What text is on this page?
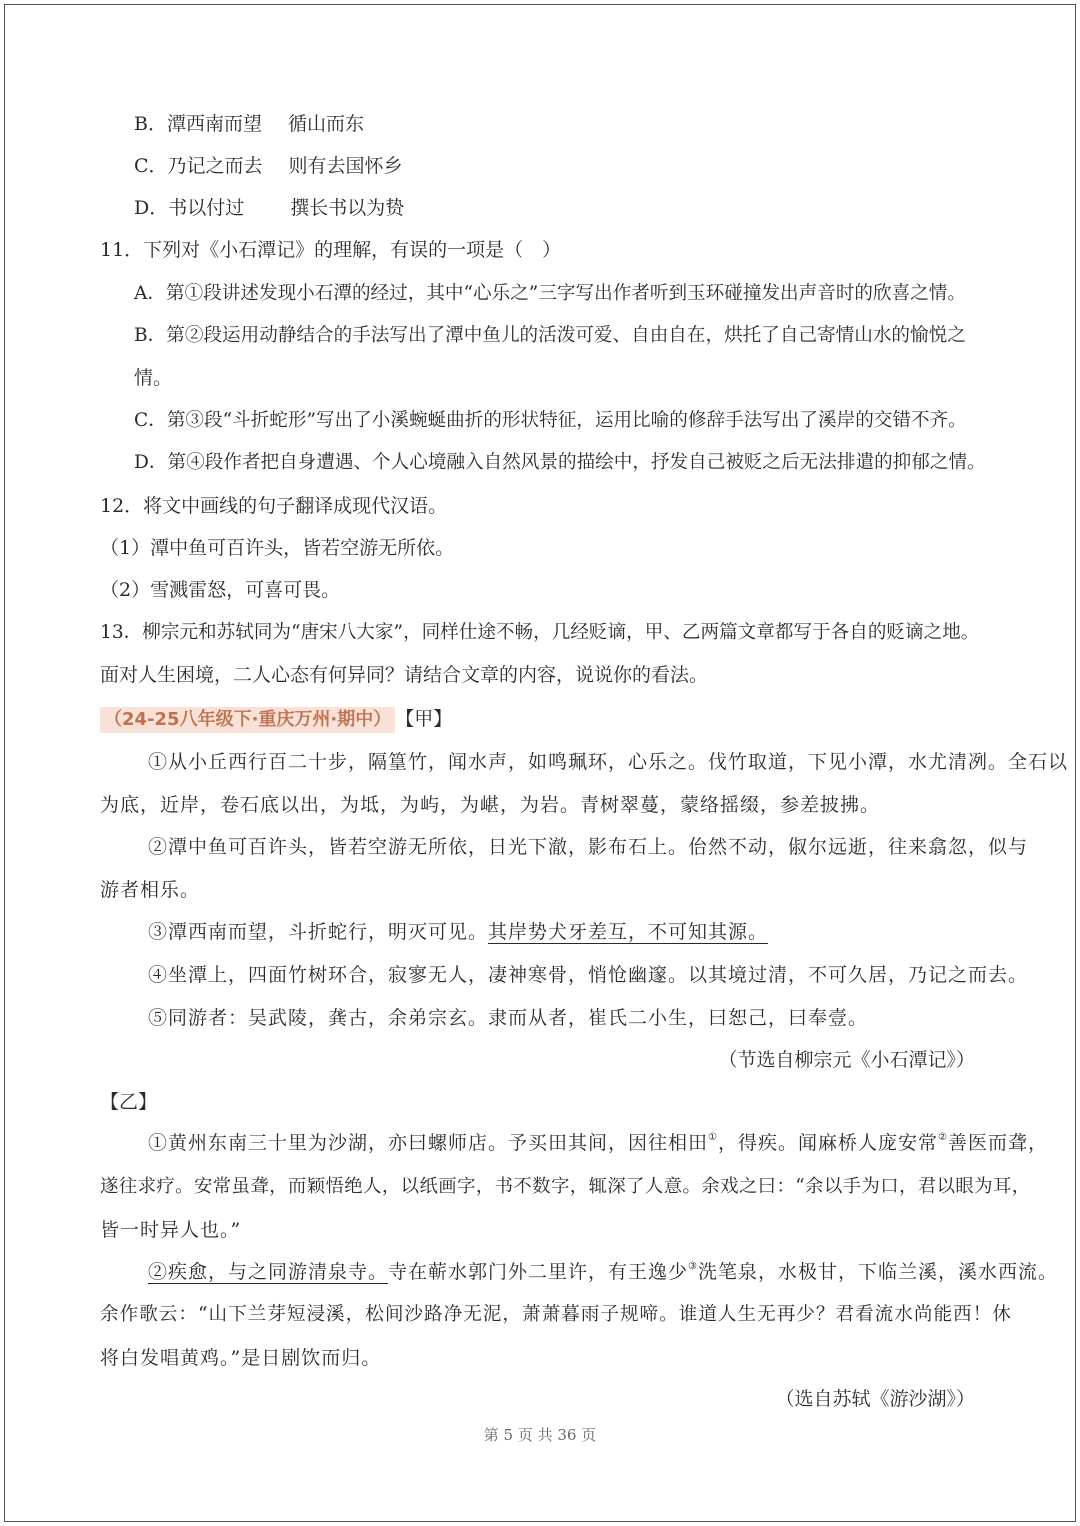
B．潭西南而望 循山而东
C．乃记之而去 则有去国怀乡
D．书以付过 撰长书以为贽
11．下列对《小石潭记》的理解，有误的一项是（　）
A．第①段讲述发现小石潭的经过，其中“心乐之”三字写出作者听到玉环碰撞发出声音时的欣喜之情。
B．第②段运用动静结合的手法写出了潭中鱼儿的活泼可爱、自由自在，烘托了自己寄情山水的愉悦之
情。
C．第③段“斗折蛇形”写出了小溪蜿蜒曲折的形状特征，运用比喻的修辞手法写出了溪岸的交错不齐。
D．第④段作者把自身遭遇、个人心境融入自然风景的描绘中，抒发自己被贬之后无法排遣的抑郁之情。
12．将文中画线的句子翻译成现代汉语。
（1）潭中鱼可百许头，皆若空游无所依。
（2）雪溅雷怒，可喜可畏。
13．柳宗元和苏轼同为“唐宋八大家”，同样仕途不畅，几经贬谪，甲、乙两篇文章都写于各自的贬谪之地。
面对人生困境，二人心态有何异同？请结合文章的内容，说说你的看法。
（24-25八年级下·重庆万州·期中） 【甲】
①从小丘西行百二十步，隔篁竹，闻水声，如鸣珮环，心乐之。伐竹取道，下见小潭，水尤清冽。全石以
为底，近岸，卷石底以出，为坻，为屿，为嵁，为岩。青树翠蔓，蒙络摇缀，参差披拂。
②潭中鱼可百许头，皆若空游无所依，日光下澈，影布石上。佁然不动，俶尔远逝，往来翕忽，似与
游者相乐。
③潭西南而望，斗折蛇行，明灭可见。其岸势犬牙差互，不可知其源。
④坐潭上，四面竹树环合，寂寥无人，凄神寒骨，悄怆幽邃。以其境过清，不可久居，乃记之而去。
⑤同游者：吴武陵，龚古，余弟宗玄。隶而从者，崔氏二小生，曰恕己，曰奉壹。
（节选自柳宗元《小石潭记》）
【乙】
①黄州东南三十里为沙湖，亦曰螺师店。予买田其间，因往相田①，得疾。闻麻桥人庞安常②善医而聋，
遂往求疗。安常虽聋，而颖悟绝人，以纸画字，书不数字，辄深了人意。余戏之曰：“余以手为口，君以眼为耳，
皆一时异人也。”
②疾愈，与之同游清泉寺。寺在蕲水郭门外二里许，有王逸少③洗笔泉，水极甘，下临兰溪，溪水西流。
余作歌云：“山下兰芽短浸溪，松间沙路净无泥，萧萧暮雨子规啼。谁道人生无再少？君看流水尚能西！休
将白发唱黄鸡。”是日剧饮而归。
（选自苏轼《游沙湖》）
第 5 页 共 36 页
